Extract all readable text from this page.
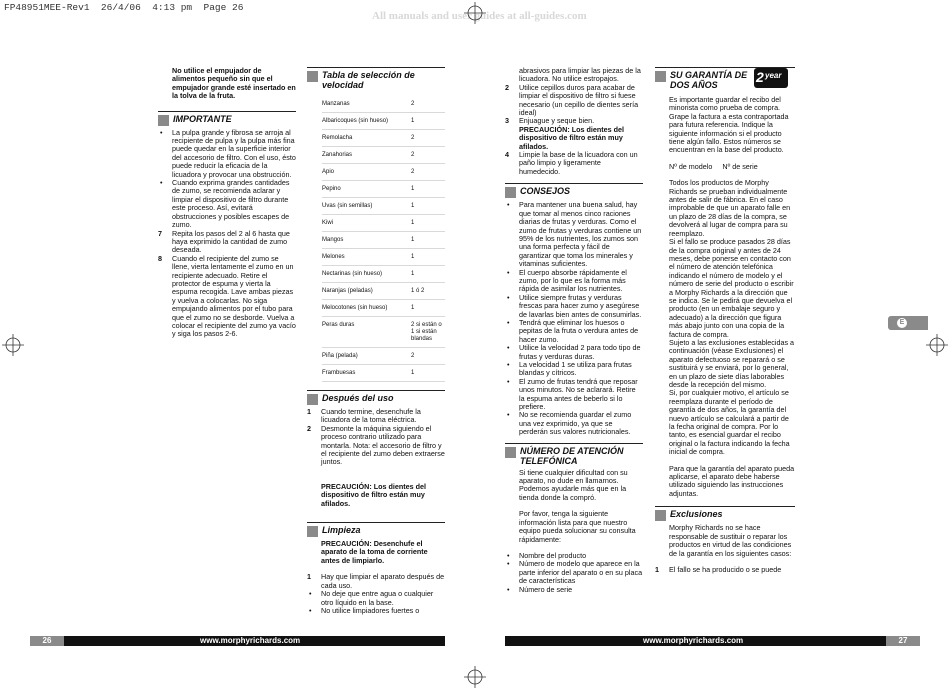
FP48951MEE-Rev1  26/4/06  4:13 pm  Page 26
All manuals and user guides at all-guides.com

No utilice el empujador de alimentos pequeño sin que el empujador grande esté insertado en la tolva de la fruta.

IMPORTANTE
• La pulpa grande y fibrosa se arroja al recipiente de pulpa y la pulpa más fina puede quedar en la superficie interior del accesorio de filtro. Con el uso, ésto puede reducir la eficacia de la licuadora y provocar una obstrucción.
• Cuando exprima grandes cantidades de zumo, se recomienda aclarar y limpiar el dispositivo de filtro durante este proceso. Así, evitará obstrucciones y posibles escapes de zumo.
7 Repita los pasos del 2 al 6 hasta que haya exprimido la cantidad de zumo deseada.
8 Cuando el recipiente del zumo se llene, vierta lentamente el zumo en un recipiente adecuado. Retire el protector de espuma y vierta la espuma recogida. Lave ambas piezas y vuelva a colocarlas. No siga empujando alimentos por el tubo para que el zumo no se desborde. Vuelva a colocar el recipiente del zumo ya vacío y siga los pasos 2-6.
Tabla de selección de velocidad
Manzanas	2
Albaricoques (sin hueso)	1
Remolacha	2
Zanahorias	2
Apio	2
Pepino	1
Uvas (sin semillas)	1
Kiwi	1
Mangos	1
Melones	1
Nectarinas (sin hueso)	1
Naranjas (peladas)	1 ó 2
Melocotones (sin hueso)	1
Peras duras	2 si están o 1 si están blandas
Piña (pelada)	2
Frambuesas	1
Después del uso
1 Cuando termine, desenchufe la licuadora de la toma eléctrica.
2 Desmonte la máquina siguiendo el proceso contrario utilizado para montarla. Nota: el accesorio de filtro y el recipiente del zumo deben extraerse juntos.

PRECAUCIÓN: Los dientes del dispositivo de filtro están muy afilados.

Limpieza

PRECAUCIÓN: Desenchufe el aparato de la toma de corriente antes de limpiarlo.

1 Hay que limpiar el aparato después de cada uso.
• No deje que entre agua o cualquier otro líquido en la base.
• No utilice limpiadores fuertes o

abrasivos para limpiar las piezas de la licuadora. No utilice estropajos.

2 Utilice cepillos duros para acabar de limpiar el dispositivo de filtro si fuese necesario (un cepillo de dientes sería ideal)
3 Enjuague y seque bien.

PRECAUCIÓN: Los dientes del dispositivo de filtro están muy afilados.

4 Limpie la base de la licuadora con un paño limpio y ligeramente humedecido.
CONSEJOS
• Para mantener una buena salud, hay que tomar al menos cinco raciones diarias de frutas y verduras. Como el zumo de frutas y verduras contiene un 95% de los nutrientes, los zumos son una forma perfecta y fácil de garantizar que toma los minerales y vitaminas suficientes.
• El cuerpo absorbe rápidamente el zumo, por lo que es la forma más rápida de asimilar los nutrientes.
• Utilice siempre frutas y verduras frescas para hacer zumo y asegúrese de lavarlas bien antes de consumirlas.
• Tendrá que eliminar los huesos o pepitas de la fruta o verdura antes de hacer zumo.
• Utilice la velocidad 2 para todo tipo de frutas y verduras duras.
• La velocidad 1 se utiliza para frutas blandas y cítricos.
• El zumo de frutas tendrá que reposar unos minutos. No se aclarará. Retire la espuma antes de beberlo si lo prefiere.
• No se recomienda guardar el zumo una vez exprimido, ya que se perderán sus valores nutricionales.
NÚMERO DE ATENCIÓN TELEFÓNICA

Si tiene cualquier dificultad con su aparato, no dude en llamarnos. Podemos ayudarle más que en la tienda donde la compró.

Por favor, tenga la siguiente información lista para que nuestro equipo pueda solucionar su consulta rápidamente:

• Nombre del producto
• Número de modelo que aparece en la parte inferior del aparato o en su placa de características
• Número de serie
SU GARANTÍA DE DOS AÑOS

Es importante guardar el recibo del minorista como prueba de compra. Grape la factura a esta contraportada para futura referencia. Indique la siguiente información si el producto tiene algún fallo. Estos números se encuentran en la base del producto.

Nº de modelo Nº de serie

Todos los productos de Morphy Richards se prueban individualmente antes de salir de fábrica. En el caso improbable de que un aparato falle en un plazo de 28 días de la compra, se devolverá al lugar de compra para su reemplazo.

Si el fallo se produce pasados 28 días de la compra original y antes de 24 meses, debe ponerse en contacto con el número de atención telefónica indicando el número de modelo y el número de serie del producto o escribir a Morphy Richards a la dirección que se indica. Se le pedirá que devuelva el producto (en un embalaje seguro y adecuado) a la dirección que figura más abajo junto con una copia de la factura de compra.

Sujeto a las exclusiones establecidas a continuación (véase Exclusiones) el aparato defectuoso se reparará o se sustituirá y se enviará, por lo general, en un plazo de siete días laborables desde la recepción del mismo.

Si, por cualquier motivo, el artículo se reemplaza durante el período de garantía de dos años, la garantía del nuevo artículo se calculará a partir de la fecha original de compra. Por lo tanto, es esencial guardar el recibo original o la factura indicando la fecha inicial de compra.

Para que la garantía del aparato pueda aplicarse, el aparato debe haberse utilizado siguiendo las instrucciones adjuntas.

Exclusiones

Morphy Richards no se hace responsable de sustituir o reparar los productos en virtud de las condiciones de la garantía en los siguientes casos:

1 El fallo se ha producido o se puede
2 year
E
26	www.morphyrichards.com	www.morphyrichards.com	27
